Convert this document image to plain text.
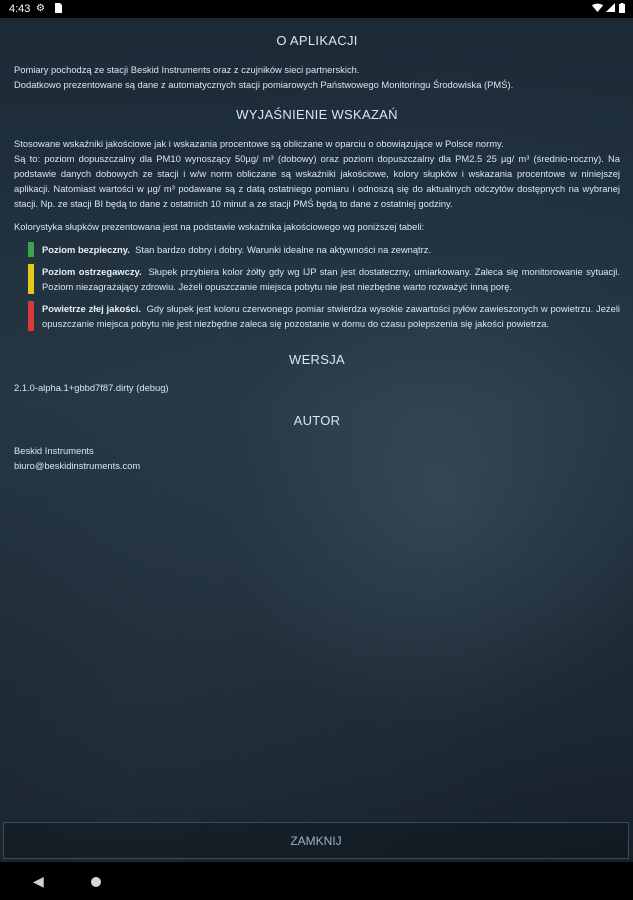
4:43 ⚙
O APLIKACJI

Pomiary pochodzą ze stacji Beskid Instruments oraz z czujników sieci partnerskich.

Dodatkowo prezentowane są dane z automatycznych stacji pomiarowych Państwowego Monitoringu Środowiska (PMŚ).

WYJAŚNIENIE WSKAZAŃ

Stosowane wskaźniki jakościowe jak i wskazania procentowe są obliczane w oparciu o obowiązujące w Polsce normy.

Są to: poziom dopuszczalny dla PM10 wynoszący 50µg/ m³ (dobowy) oraz poziom dopuszczalny dla PM2.5 25 µg/ m³ (średnio-roczny). Na podstawie danych dobowych ze stacji i w/w norm obliczane są wskaźniki jakościowe, kolory słupków i wskazania procentowe w niniejszej aplikacji. Natomiast wartości w µg/ m³ podawane są z datą ostatniego pomiaru i odnoszą się do aktualnych odczytów dostępnych na wybranej stacji. Np. ze stacji BI będą to dane z ostatnich 10 minut a ze stacji PMŚ będą to dane z ostatniej godziny.

Kolorystyka słupków prezentowana jest na podstawie wskaźnika jakościowego wg poniższej tabeli:

Poziom bezpieczny. Stan bardzo dobry i dobry. Warunki idealne na aktywności na zewnątrz.
Poziom ostrzegawczy. Słupek przybiera kolor żółty gdy wg IJP stan jest dostateczny, umiarkowany. Zaleca się monitorowanie sytuacji. Poziom niezagrażający zdrowiu. Jeżeli opuszczanie miejsca pobytu nie jest niezbędne warto rozważyć inną porę.
Powietrze złej jakości. Gdy słupek jest koloru czerwonego pomiar stwierdza wysokie zawartości pyłów zawieszonych w powietrzu. Jeżeli opuszczanie miejsca pobytu nie jest niezbędne zaleca się pozostanie w domu do czasu polepszenia się jakości powietrza.
WERSJA

2.1.0-alpha.1+gbbd7f87.dirty (debug)

AUTOR

Beskid Instruments

biuro@beskidinstruments.com

ZAMKNIJ
◀
